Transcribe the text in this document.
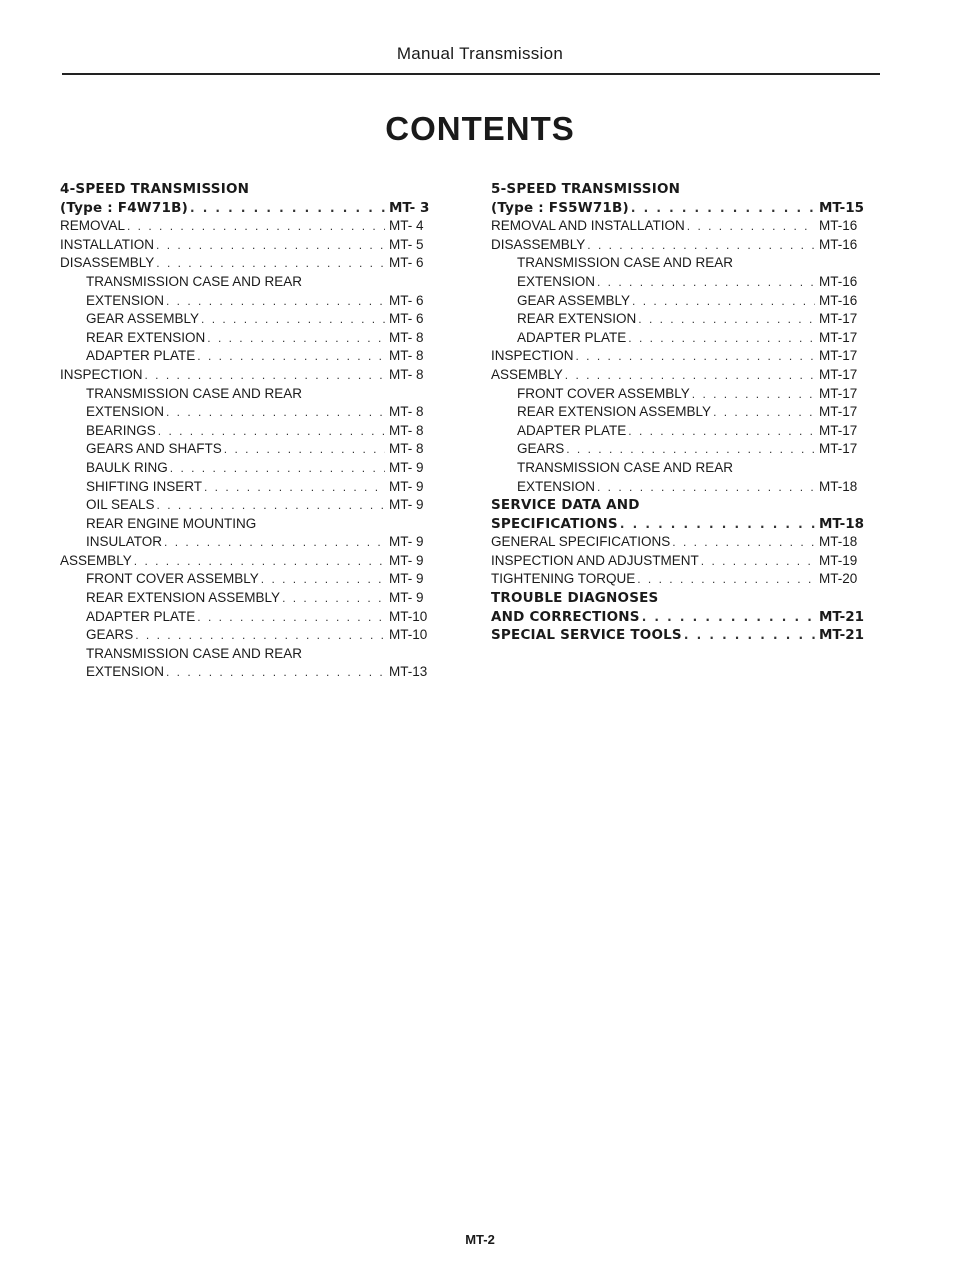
Manual Transmission
CONTENTS
4-SPEED TRANSMISSION
(Type : F4W71B) . . .	MT- 3
REMOVAL . . .	MT- 4
INSTALLATION . . .	MT- 5
DISASSEMBLY . . .	MT- 6
TRANSMISSION CASE AND REAR
EXTENSION . . .	MT- 6
GEAR ASSEMBLY . . .	MT- 6
REAR EXTENSION . . .	MT- 8
ADAPTER PLATE . . .	MT- 8
INSPECTION . . .	MT- 8
TRANSMISSION CASE AND REAR
EXTENSION . . .	MT- 8
BEARINGS . . .	MT- 8
GEARS AND SHAFTS . . .	MT- 8
BAULK RING . . .	MT- 9
SHIFTING INSERT . . .	MT- 9
OIL SEALS . . .	MT- 9
REAR ENGINE MOUNTING
INSULATOR . . .	MT- 9
ASSEMBLY . . .	MT- 9
FRONT COVER ASSEMBLY . . .	MT- 9
REAR EXTENSION ASSEMBLY . . .	MT- 9
ADAPTER PLATE . . .	MT-10
GEARS . . .	MT-10
TRANSMISSION CASE AND REAR
EXTENSION . . .	MT-13
5-SPEED TRANSMISSION
(Type : FS5W71B) . . .	MT-15
REMOVAL AND INSTALLATION . . .	MT-16
DISASSEMBLY . . .	MT-16
TRANSMISSION CASE AND REAR
EXTENSION . . .	MT-16
GEAR ASSEMBLY . . .	MT-16
REAR EXTENSION . . .	MT-17
ADAPTER PLATE . . .	MT-17
INSPECTION . . .	MT-17
ASSEMBLY . . .	MT-17
FRONT COVER ASSEMBLY . . .	MT-17
REAR EXTENSION ASSEMBLY . . .	MT-17
ADAPTER PLATE . . .	MT-17
GEARS . . .	MT-17
TRANSMISSION CASE AND REAR
EXTENSION . . .	MT-18
SERVICE DATA AND
SPECIFICATIONS . . .	MT-18
GENERAL SPECIFICATIONS . . .	MT-18
INSPECTION AND ADJUSTMENT . . .	MT-19
TIGHTENING TORQUE . . .	MT-20
TROUBLE DIAGNOSES
AND CORRECTIONS . . .	MT-21
SPECIAL SERVICE TOOLS . . .	MT-21
MT-2
